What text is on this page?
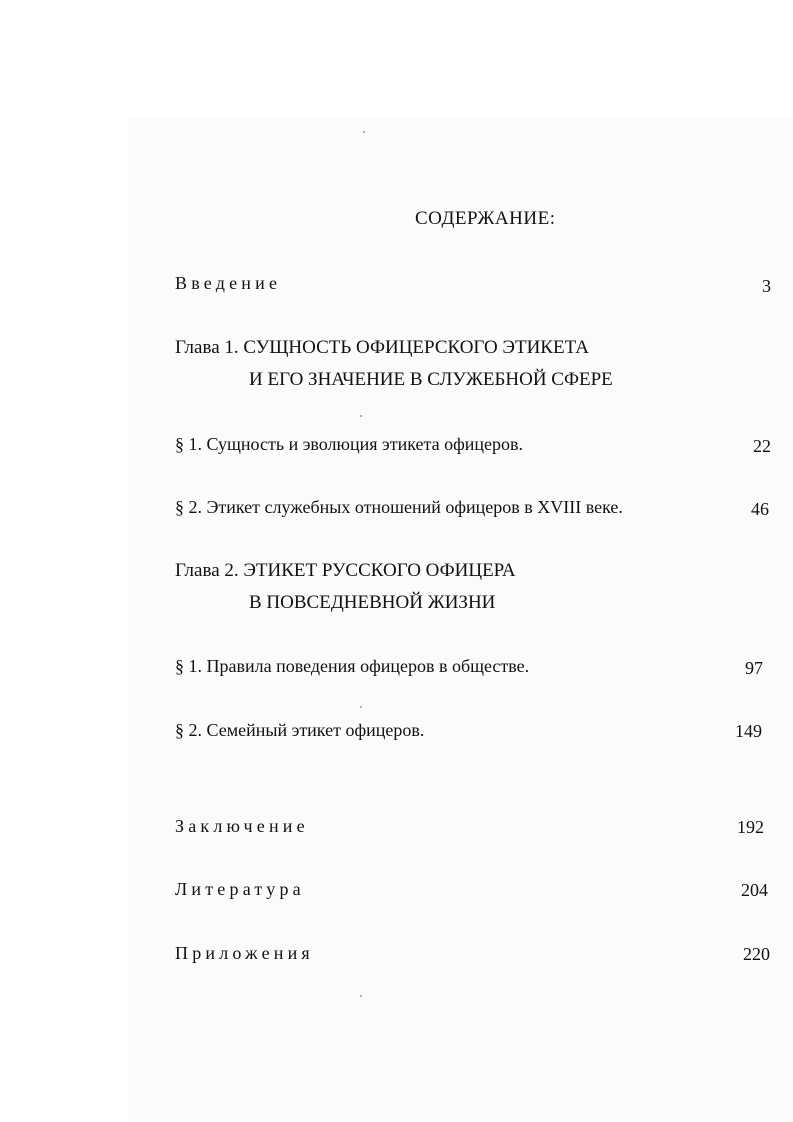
СОДЕРЖАНИЕ:
Введение	3
Глава 1. СУЩНОСТЬ ОФИЦЕРСКОГО ЭТИКЕТА
И ЕГО ЗНАЧЕНИЕ В СЛУЖЕБНОЙ СФЕРЕ
§ 1. Сущность и эволюция этикета офицеров.	22
§ 2. Этикет служебных отношений офицеров в XVIII веке.	46
Глава 2. ЭТИКЕТ РУССКОГО ОФИЦЕРА
В ПОВСЕДНЕВНОЙ ЖИЗНИ
§ 1. Правила поведения офицеров в обществе.	97
§ 2. Семейный этикет офицеров.	149
Заключение	192
Литература	204
Приложения	220
